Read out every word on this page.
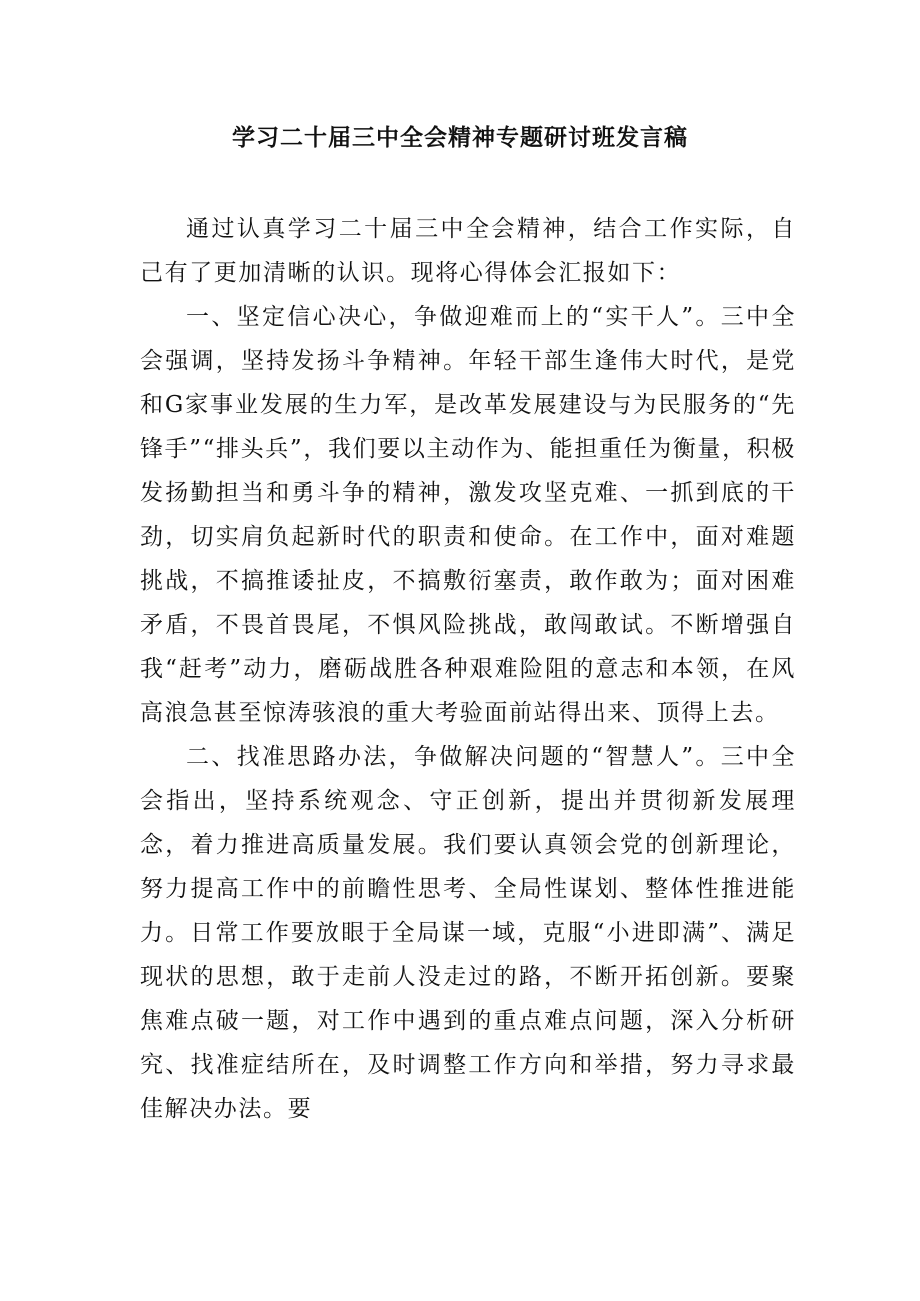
学习二十届三中全会精神专题研讨班发言稿

通过认真学习二十届三中全会精神，结合工作实际，自己有了更加清晰的认识。现将心得体会汇报如下：

一、坚定信心决心，争做迎难而上的“实干人”。三中全会强调，坚持发扬斗争精神。年轻干部生逢伟大时代，是党和G家事业发展的生力军，是改革发展建设与为民服务的“先锋手”“排头兵”，我们要以主动作为、能担重任为衡量，积极发扬勤担当和勇斗争的精神，激发攻坚克难、一抓到底的干劲，切实肩负起新时代的职责和使命。在工作中，面对难题挑战，不搞推诿扯皮，不搞敷衍塞责，敢作敢为；面对困难矛盾，不畏首畏尾，不惧风险挑战，敢闯敢试。不断增强自我“赶考”动力，磨砺战胜各种艰难险阻的意志和本领，在风高浪急甚至惊涛骇浪的重大考验面前站得出来、顶得上去。

二、找准思路办法，争做解决问题的“智慧人”。三中全会指出，坚持系统观念、守正创新，提出并贯彻新发展理念，着力推进高质量发展。我们要认真领会党的创新理论，努力提高工作中的前瞻性思考、全局性谋划、整体性推进能力。日常工作要放眼于全局谋一域，克服“小进即满”、满足现状的思想，敢于走前人没走过的路，不断开拓创新。要聚焦难点破一题，对工作中遇到的重点难点问题，深入分析研究、找准症结所在，及时调整工作方向和举措，努力寻求最佳解决办法。要
